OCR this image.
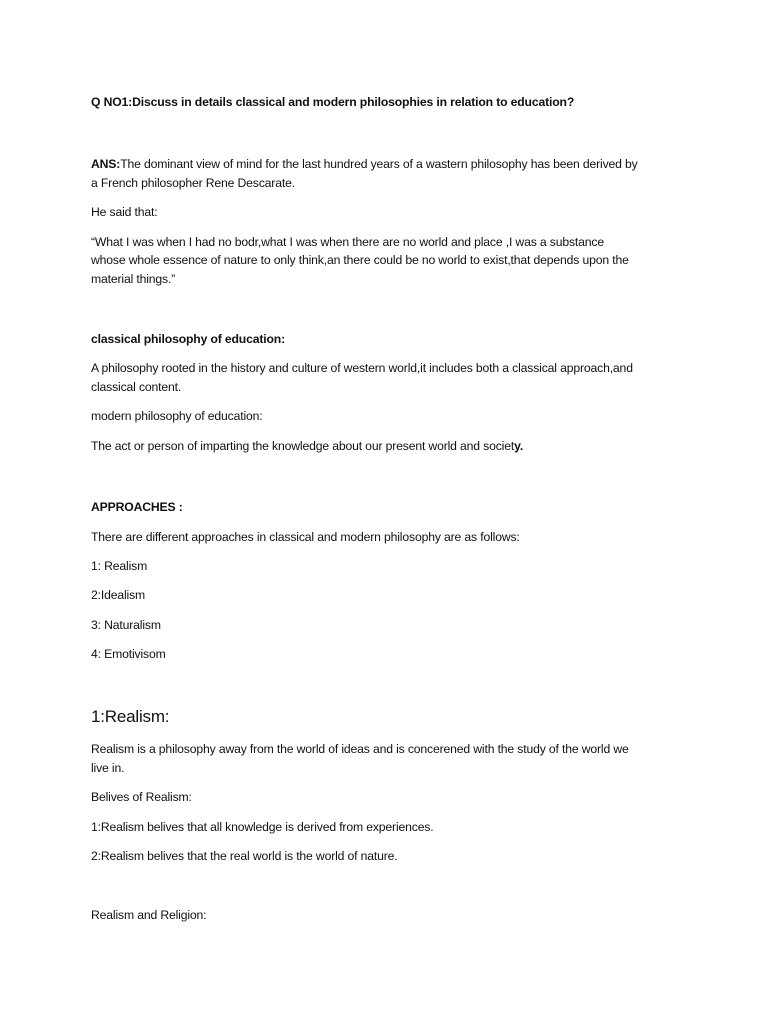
Q NO1:Discuss in details classical and modern philosophies in relation to education?
ANS:The dominant view of mind for the last hundred years of a wastern philosophy has been derived by
a French philosopher Rene Descarate.
He said that:
“What I was when I had no bodr,what I was when there are no world and place ,I was a substance
whose whole essence of nature to only think,an there could be no world to exist,that depends upon the
material things.”
classical philosophy of education:
A philosophy rooted in the history and culture of western world,it includes both a classical approach,and
classical content.
modern philosophy of education:
The act or person of imparting the knowledge about our present world and society.
APPROACHES :
There are different approaches in classical and modern philosophy are as follows:
1: Realism
2:Idealism
3: Naturalism
4: Emotivisom
1:Realism:
Realism is a philosophy away from the world of ideas and is concerened with the study of the world we
live in.
Belives of Realism:
1:Realism belives that all knowledge is derived from experiences.
2:Realism belives that the real world is the world of nature.
Realism and Religion:
